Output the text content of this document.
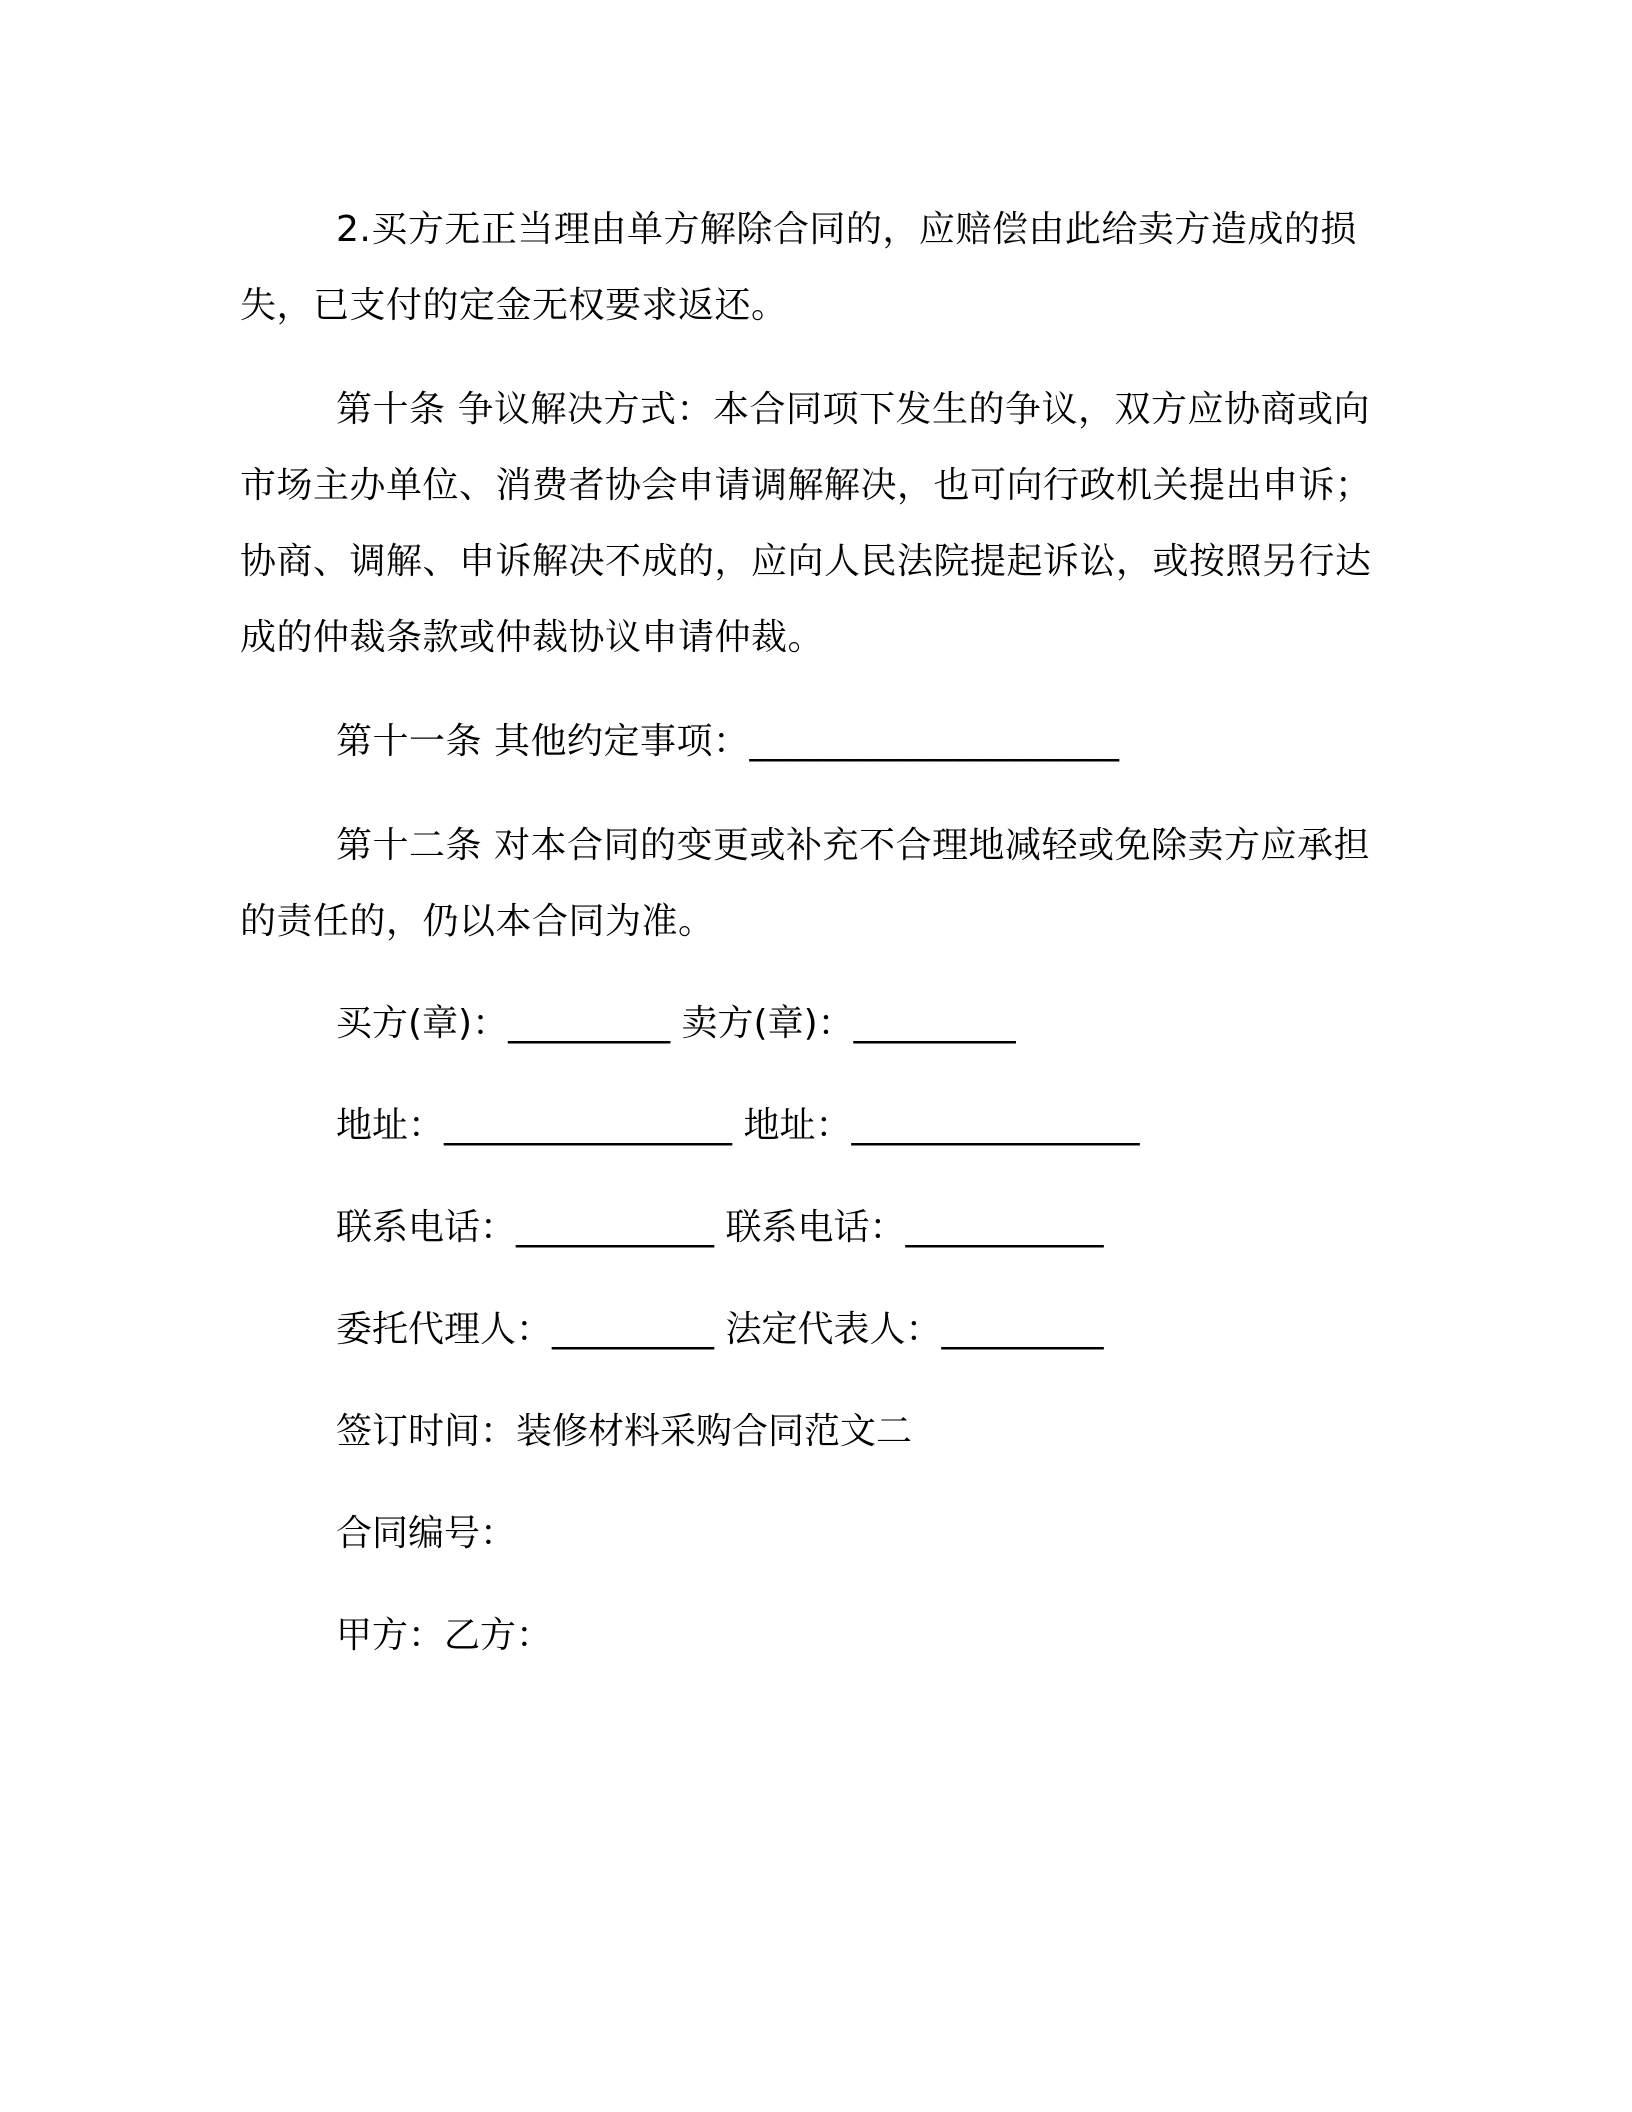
2.买方无正当理由单方解除合同的，应赔偿由此给卖方造成的损失，已支付的定金无权要求返还。

第十条 争议解决方式：本合同项下发生的争议，双方应协商或向市场主办单位、消费者协会申请调解解决，也可向行政机关提出申诉；协商、调解、申诉解决不成的，应向人民法院提起诉讼，或按照另行达成的仲裁条款或仲裁协议申请仲裁。

第十一条 其他约定事项：____________________

第十二条 对本合同的变更或补充不合理地减轻或免除卖方应承担的责任的，仍以本合同为准。

买方(章)：_________ 卖方(章)：_________
地址：________________ 地址：________________
联系电话：___________ 联系电话：___________
委托代理人：_________ 法定代表人：_________
签订时间：装修材料采购合同范文二
合同编号：
甲方：乙方：
